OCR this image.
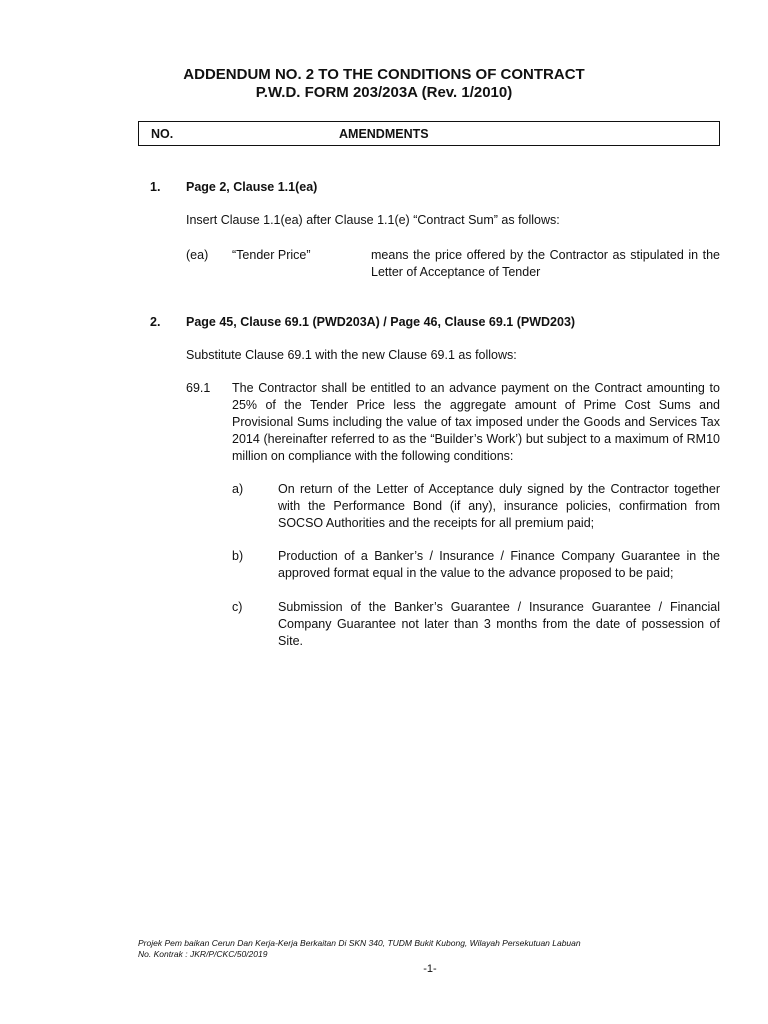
ADDENDUM NO. 2 TO THE CONDITIONS OF CONTRACT
P.W.D. FORM 203/203A (Rev. 1/2010)
NO.	AMENDMENTS
1. Page 2, Clause 1.1(ea)
Insert Clause 1.1(ea) after Clause 1.1(e) “Contract Sum” as follows:
(ea) “Tender Price”	means the price offered by the Contractor as stipulated in the Letter of Acceptance of Tender
2. Page 45, Clause 69.1 (PWD203A) / Page 46, Clause 69.1 (PWD203)
Substitute Clause 69.1 with the new Clause 69.1 as follows:
69.1 The Contractor shall be entitled to an advance payment on the Contract amounting to 25% of the Tender Price less the aggregate amount of Prime Cost Sums and Provisional Sums including the value of tax imposed under the Goods and Services Tax 2014 (hereinafter referred to as the “Builder’s Work’) but subject to a maximum of RM10 million on compliance with the following conditions:
a)	On return of the Letter of Acceptance duly signed by the Contractor together with the Performance Bond (if any), insurance policies, confirmation from SOCSO Authorities and the receipts for all premium paid;
b)	Production of a Banker’s / Insurance / Finance Company Guarantee in the approved format equal in the value to the advance proposed to be paid;
c)	Submission of the Banker’s Guarantee / Insurance Guarantee / Financial Company Guarantee not later than 3 months from the date of possession of Site.
Projek Pem baikan Cerun Dan Kerja-Kerja Berkaitan Di SKN 340, TUDM Bukit Kubong, Wilayah Persekutuan Labuan
No. Kontrak : JKR/P/CKC/50/2019
-1-
